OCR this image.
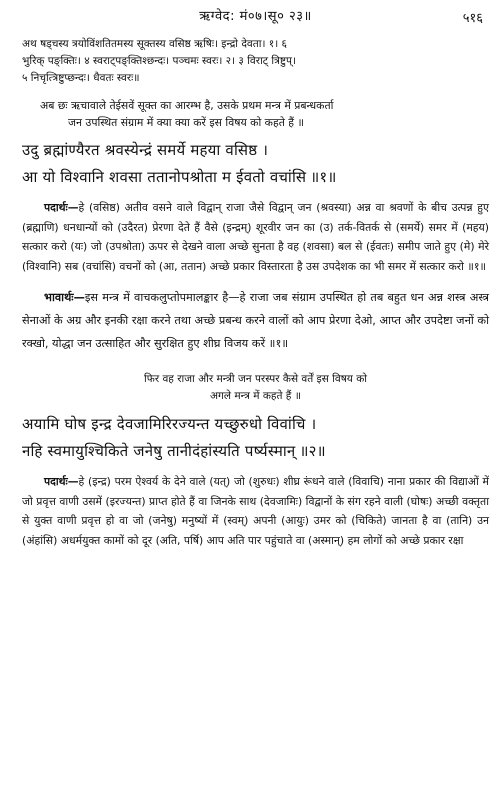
ऋग्वेद: मं०७।सू० २३॥	५१६
अथ षड्चस्य त्रयोविंशतितमस्य सूक्तस्य वसिष्ठ ऋषिः। इन्द्रो देवता। १। ६
भुरिक् पङ्क्तिः। ४ स्वराट्पङ्क्तिश्छन्दः। पञ्चमः स्वरः। २। ३ विराट् त्रिष्टुप्।
५ निचृत्त्रिष्टुप्छन्दः। धैवतः स्वरः॥
अब छः ऋचावाले तेईसवें सूक्त का आरम्भ है, उसके प्रथम मन्त्र में प्रबन्धकर्ता
जन उपस्थित संग्राम में क्या क्या करें इस विषय को कहते हैं ॥
उदु ब्रह्मांण्यैरत श्रवस्येन्द्रं समर्ये महया वसिष्ठ ।
आ यो विश्वानि शवसा ततानोपश्रोता म ईवतो वचांसि ॥१॥
पदार्थः—हे (वसिष्ठ) अतीव वसने वाले विद्वान् राजा जैसे विद्वान् जन (श्रवस्या) अन्न वा श्रवणों के बीच उत्पन्न हुए (ब्रह्माणि) धनधान्यों को (उदैरत) प्रेरणा देते हैं वैसे (इन्द्रम्) शूरवीर जन का (उ) तर्क-वितर्क से (समर्ये) समर में (महय) सत्कार करो (यः) जो (उपश्रोता) ऊपर से देखने वाला अच्छे सुनता है वह (शवसा) बल से (ईवतः) समीप जाते हुए (मे) मेरे (विश्वानि) सब (वचांसि) वचनों को (आ, ततान) अच्छे प्रकार विस्तारता है उस उपदेशक का भी समर में सत्कार करो ॥१॥
भावार्थः—इस मन्त्र में वाचकलुप्तोपमालङ्कार है—हे राजा जब संग्राम उपस्थित हो तब बहुत धन अन्न शस्त्र अस्त्र सेनाओं के अग्र और इनकी रक्षा करने तथा अच्छे प्रबन्ध करने वालों को आप प्रेरणा देओ, आप्त और उपदेष्टा जनों को रक्खो, योद्धा जन उत्साहित और सुरक्षित हुए शीघ्र विजय करें ॥१॥
फिर वह राजा और मन्त्री जन परस्पर कैसे वर्तें इस विषय को
अगले मन्त्र में कहते हैं ॥
अयामि घोष इन्द्र देवजामिरिरज्यन्त यच्छुरुधो विवांचि ।
नहि स्वमायुश्चिकिते जनेषु तानीदंहांस्यति पर्ष्यस्मान् ॥२॥
पदार्थः—हे (इन्द्र) परम ऐश्वर्य के देने वाले (यत्) जो (शुरुधः) शीघ्र रूंधने वाले (विवाचि) नाना प्रकार की विद्याओं में जो प्रवृत्त वाणी उसमें (इरज्यन्त) प्राप्त होते हैं वा जिनके साथ (देवजामिः) विद्वानों के संग रहने वाली (घोषः) अच्छी वक्तृता से युक्त वाणी प्रवृत्त हो वा जो (जनेषु) मनुष्यों में (स्वम्) अपनी (आयुः) उमर को (चिकिते) जानता है वा (तानि) उन (अंहांसि) अधर्मयुक्त कामों को दूर (अति, पर्षि) आप अति पार पहुंचाते वा (अस्मान्) हम लोगों को अच्छे प्रकार रक्षा
